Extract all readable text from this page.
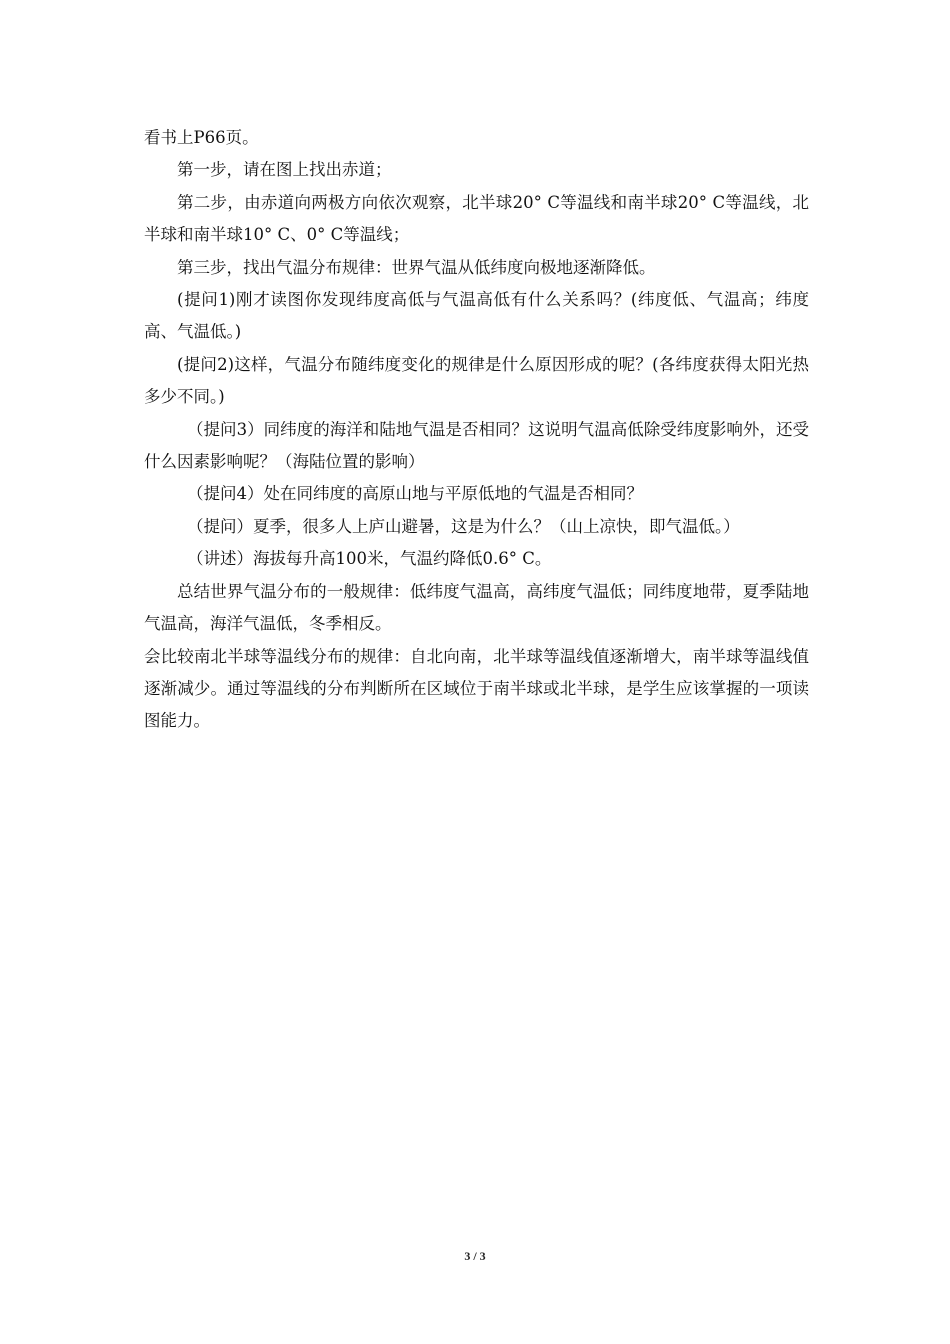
看书上P66页。

第一步，请在图上找出赤道；

第二步，由赤道向两极方向依次观察，北半球20° C等温线和南半球20° C等温线，北半球和南半球10° C、0° C等温线；

第三步，找出气温分布规律：世界气温从低纬度向极地逐渐降低。

(提问1)刚才读图你发现纬度高低与气温高低有什么关系吗？(纬度低、气温高；纬度高、气温低。)

(提问2)这样，气温分布随纬度变化的规律是什么原因形成的呢？(各纬度获得太阳光热多少不同。)

（提问3）同纬度的海洋和陆地气温是否相同？这说明气温高低除受纬度影响外，还受什么因素影响呢？（海陆位置的影响）

（提问4）处在同纬度的高原山地与平原低地的气温是否相同？

（提问）夏季，很多人上庐山避暑，这是为什么？（山上凉快，即气温低。）

（讲述）海拔每升高100米，气温约降低0.6° C。

总结世界气温分布的一般规律：低纬度气温高，高纬度气温低；同纬度地带，夏季陆地气温高，海洋气温低，冬季相反。

会比较南北半球等温线分布的规律：自北向南，北半球等温线值逐渐增大，南半球等温线值逐渐减少。通过等温线的分布判断所在区域位于南半球或北半球，是学生应该掌握的一项读图能力。

3 / 3
